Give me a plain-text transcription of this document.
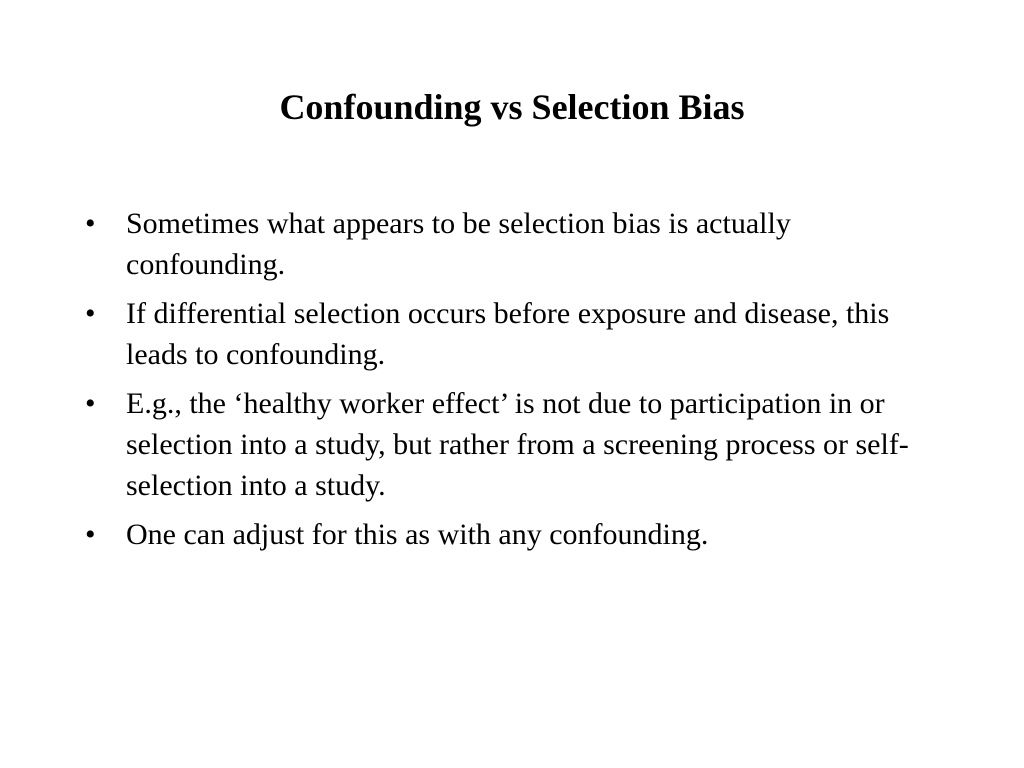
Confounding vs Selection Bias
•	Sometimes what appears to be selection bias is actually confounding.
•	If differential selection occurs before exposure and disease, this leads to confounding.
•	E.g., the ‘healthy worker effect’ is not due to participation in or selection into a study, but rather from a screening process or self-selection into a study.
•	One can adjust for this as with any confounding.
